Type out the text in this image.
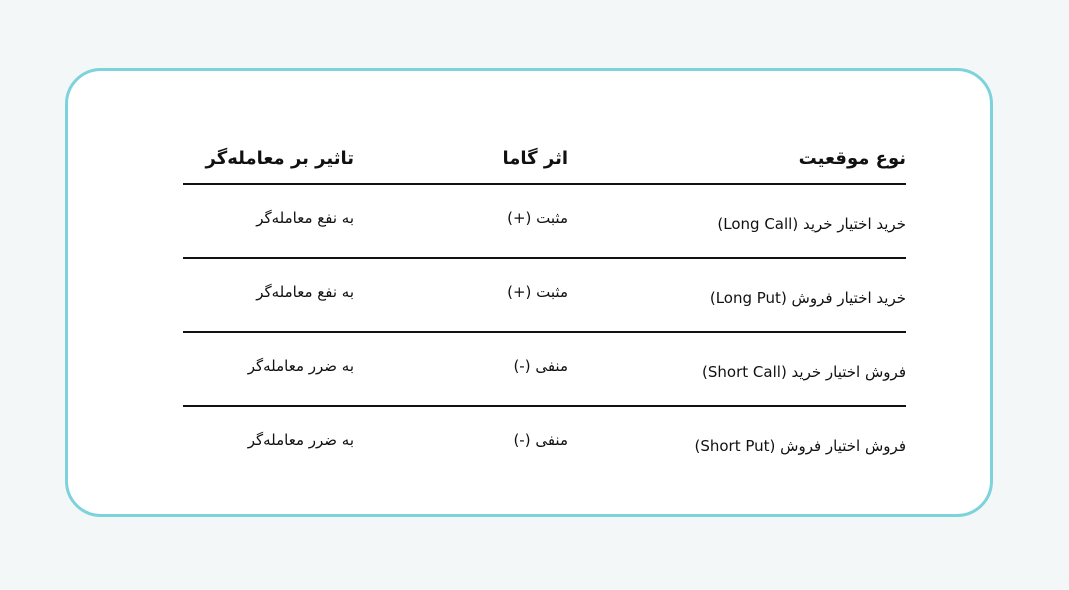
نوع موقعیت
اثر گاما
تاثیر بر معامله‌گر
خرید اختیار خرید (Long Call)
مثبت (+)
به نفع معامله‌گر
خرید اختیار فروش (Long Put)
مثبت (+)
به نفع معامله‌گر
فروش اختیار خرید (Short Call)
منفی (-)
به ضرر معامله‌گر
فروش اختیار فروش (Short Put)
منفی (-)
به ضرر معامله‌گر
